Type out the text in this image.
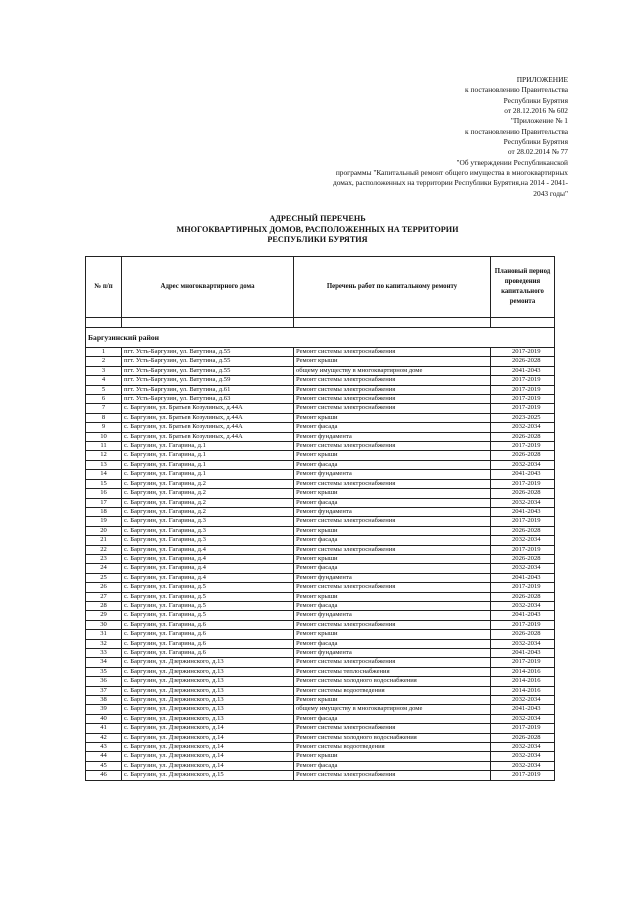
ПРИЛОЖЕНИЕ
к постановлению Правительства
Республики Бурятия
от 28.12.2016 № 602
"Приложение № 1
к постановлению Правительства
Республики Бурятия
от 28.02.2014 № 77
"Об утверждении Республиканской
программы "Капитальный ремонт общего имущества в многоквартирных
домах, расположенных на территории Республики Бурятия,на 2014 - 2041-
2043 годы"
АДРЕСНЫЙ ПЕРЕЧЕНЬ
МНОГОКВАРТИРНЫХ ДОМОВ, РАСПОЛОЖЕННЫХ НА ТЕРРИТОРИИ
РЕСПУБЛИКИ БУРЯТИЯ
№ п/п	Адрес многоквартирного дома	Перечень работ по капитальному ремонту	Плановый период проведения капитального ремонта

Баргузинский район			
1	пгт. Усть-Баргузин, ул. Ватутина, д.55	Ремонт системы электроснабжения	2017-2019
2	пгт. Усть-Баргузин, ул. Ватутина, д.55	Ремонт крыши	2026-2028
3	пгт. Усть-Баргузин, ул. Ватутина, д.55	общему имуществу в многоквартирном доме	2041-2043
4	пгт. Усть-Баргузин, ул. Ватутина, д.59	Ремонт системы электроснабжения	2017-2019
5	пгт. Усть-Баргузин, ул. Ватутина, д.61	Ремонт системы электроснабжения	2017-2019
6	пгт. Усть-Баргузин, ул. Ватутина, д.63	Ремонт системы электроснабжения	2017-2019
7	с. Баргузин, ул. Братьев Козулиных, д.44А	Ремонт системы электроснабжения	2017-2019
8	с. Баргузин, ул. Братьев Козулиных, д.44А	Ремонт крыши	2023-2025
9	с. Баргузин, ул. Братьев Козулиных, д.44А	Ремонт фасада	2032-2034
10	с. Баргузин, ул. Братьев Козулиных, д.44А	Ремонт фундамента	2026-2028
11	с. Баргузин, ул. Гагарина, д.1	Ремонт системы электроснабжения	2017-2019
12	с. Баргузин, ул. Гагарина, д.1	Ремонт крыши	2026-2028
13	с. Баргузин, ул. Гагарина, д.1	Ремонт фасада	2032-2034
14	с. Баргузин, ул. Гагарина, д.1	Ремонт фундамента	2041-2043
15	с. Баргузин, ул. Гагарина, д.2	Ремонт системы электроснабжения	2017-2019
16	с. Баргузин, ул. Гагарина, д.2	Ремонт крыши	2026-2028
17	с. Баргузин, ул. Гагарина, д.2	Ремонт фасада	2032-2034
18	с. Баргузин, ул. Гагарина, д.2	Ремонт фундамента	2041-2043
19	с. Баргузин, ул. Гагарина, д.3	Ремонт системы электроснабжения	2017-2019
20	с. Баргузин, ул. Гагарина, д.3	Ремонт крыши	2026-2028
21	с. Баргузин, ул. Гагарина, д.3	Ремонт фасада	2032-2034
22	с. Баргузин, ул. Гагарина, д.4	Ремонт системы электроснабжения	2017-2019
23	с. Баргузин, ул. Гагарина, д.4	Ремонт крыши	2026-2028
24	с. Баргузин, ул. Гагарина, д.4	Ремонт фасада	2032-2034
25	с. Баргузин, ул. Гагарина, д.4	Ремонт фундамента	2041-2043
26	с. Баргузин, ул. Гагарина, д.5	Ремонт системы электроснабжения	2017-2019
27	с. Баргузин, ул. Гагарина, д.5	Ремонт крыши	2026-2028
28	с. Баргузин, ул. Гагарина, д.5	Ремонт фасада	2032-2034
29	с. Баргузин, ул. Гагарина, д.5	Ремонт фундамента	2041-2043
30	с. Баргузин, ул. Гагарина, д.6	Ремонт системы электроснабжения	2017-2019
31	с. Баргузин, ул. Гагарина, д.6	Ремонт крыши	2026-2028
32	с. Баргузин, ул. Гагарина, д.6	Ремонт фасада	2032-2034
33	с. Баргузин, ул. Гагарина, д.6	Ремонт фундамента	2041-2043
34	с. Баргузин, ул. Дзержинского, д.13	Ремонт системы электроснабжения	2017-2019
35	с. Баргузин, ул. Дзержинского, д.13	Ремонт системы теплоснабжения	2014-2016
36	с. Баргузин, ул. Дзержинского, д.13	Ремонт системы холодного водоснабжения	2014-2016
37	с. Баргузин, ул. Дзержинского, д.13	Ремонт системы водоотведения	2014-2016
38	с. Баргузин, ул. Дзержинского, д.13	Ремонт крыши	2032-2034
39	с. Баргузин, ул. Дзержинского, д.13	общему имуществу в многоквартирном доме	2041-2043
40	с. Баргузин, ул. Дзержинского, д.13	Ремонт фасада	2032-2034
41	с. Баргузин, ул. Дзержинского, д.14	Ремонт системы электроснабжения	2017-2019
42	с. Баргузин, ул. Дзержинского, д.14	Ремонт системы холодного водоснабжения	2026-2028
43	с. Баргузин, ул. Дзержинского, д.14	Ремонт системы водоотведения	2032-2034
44	с. Баргузин, ул. Дзержинского, д.14	Ремонт крыши	2032-2034
45	с. Баргузин, ул. Дзержинского, д.14	Ремонт фасада	2032-2034
46	с. Баргузин, ул. Дзержинского, д.15	Ремонт системы электроснабжения	2017-2019
